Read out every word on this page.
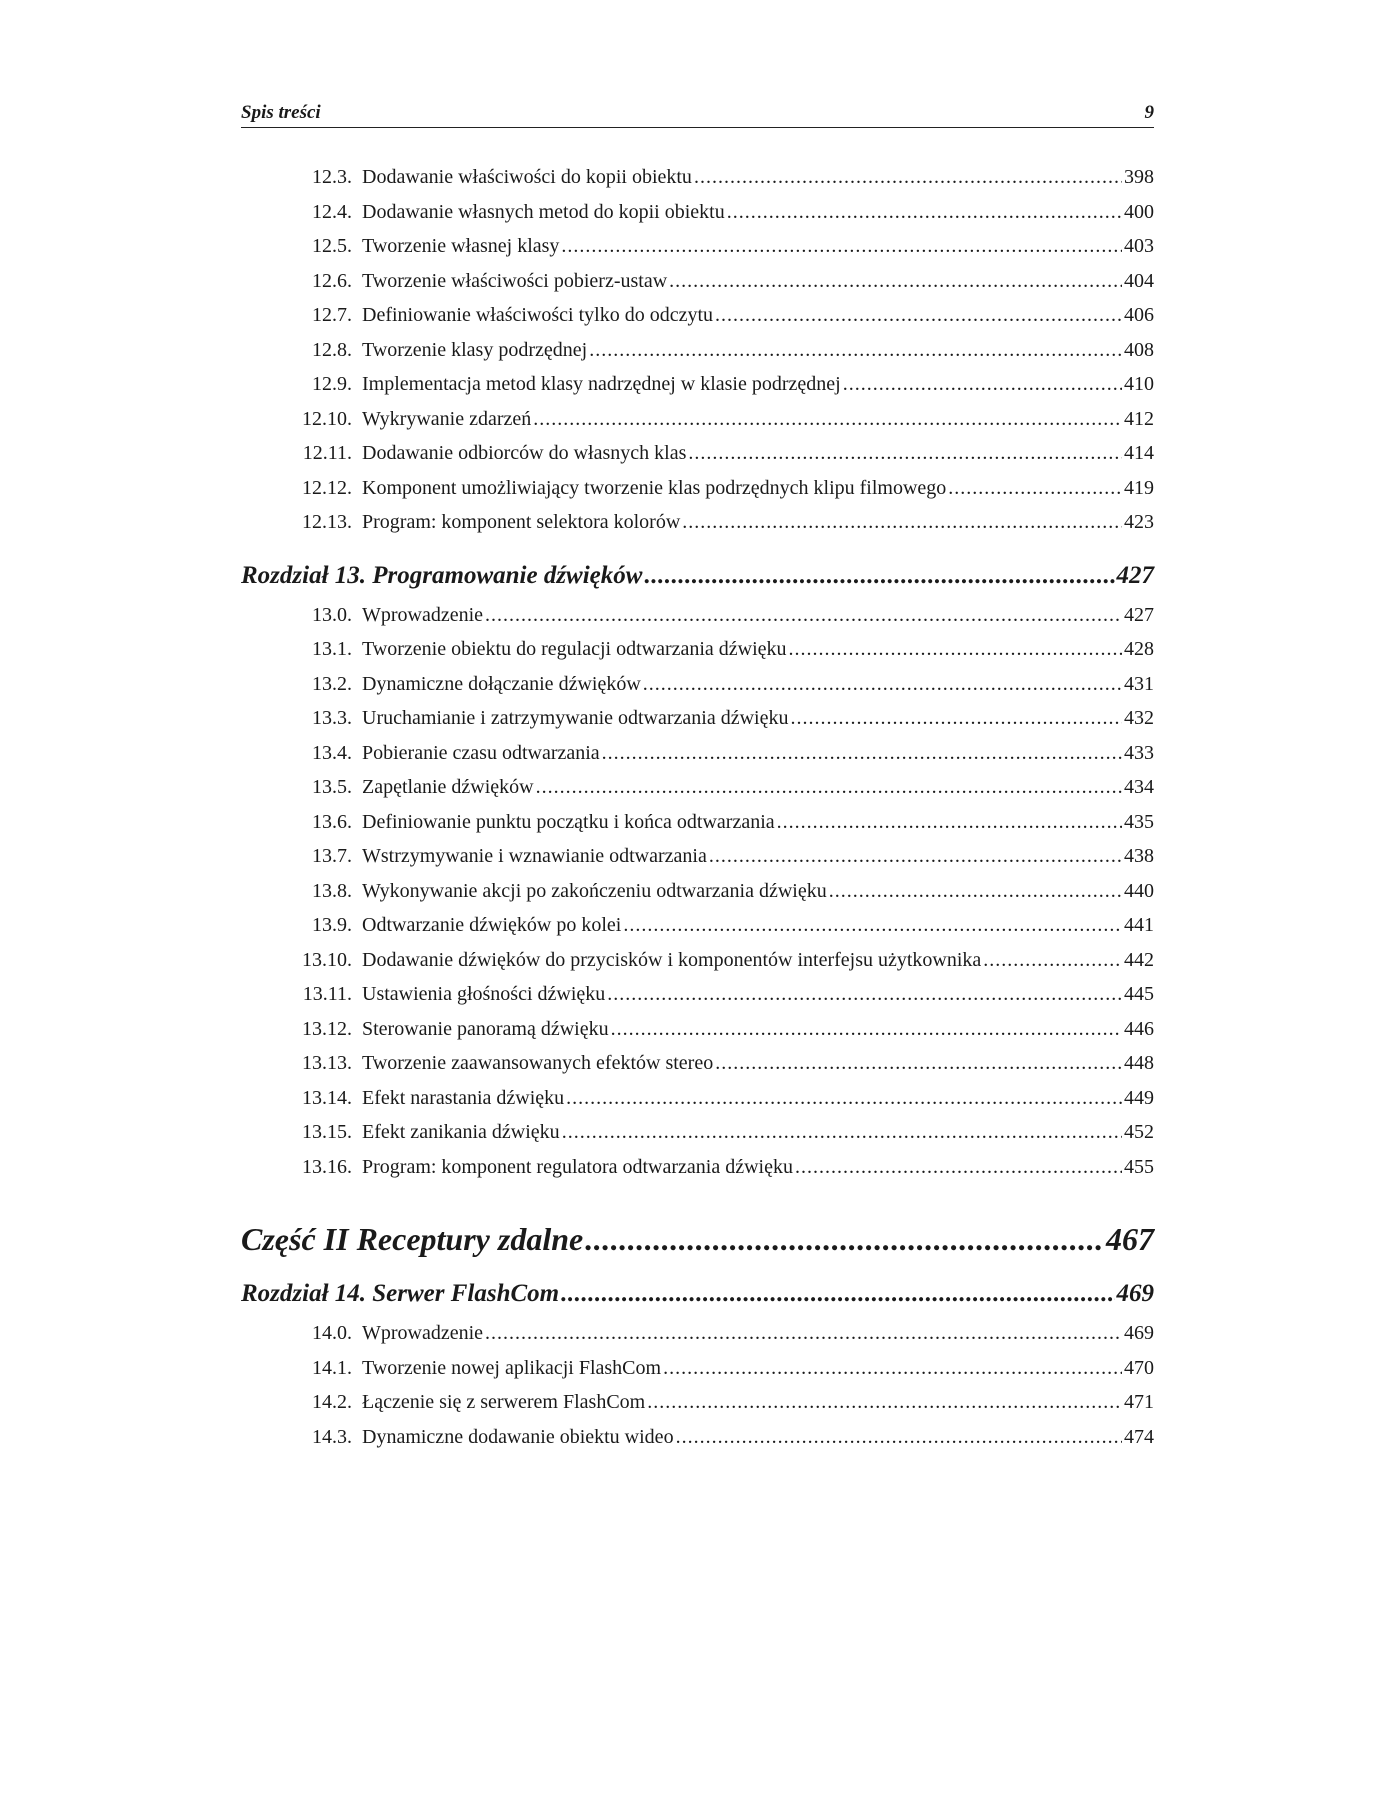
Spis treści	9
12.3. Dodawanie właściwości do kopii obiektu .....	398
12.4. Dodawanie własnych metod do kopii obiektu .....	400
12.5. Tworzenie własnej klasy .....	403
12.6. Tworzenie właściwości pobierz-ustaw .....	404
12.7. Definiowanie właściwości tylko do odczytu .....	406
12.8. Tworzenie klasy podrzędnej .....	408
12.9. Implementacja metod klasy nadrzędnej w klasie podrzędnej .....	410
12.10. Wykrywanie zdarzeń .....	412
12.11. Dodawanie odbiorców do własnych klas .....	414
12.12. Komponent umożliwiający tworzenie klas podrzędnych klipu filmowego .....	419
12.13. Program: komponent selektora kolorów .....	423
Rozdział 13. Programowanie dźwięków .....	427
13.0. Wprowadzenie .....	427
13.1. Tworzenie obiektu do regulacji odtwarzania dźwięku .....	428
13.2. Dynamiczne dołączanie dźwięków .....	431
13.3. Uruchamianie i zatrzymywanie odtwarzania dźwięku .....	432
13.4. Pobieranie czasu odtwarzania .....	433
13.5. Zapętlanie dźwięków .....	434
13.6. Definiowanie punktu początku i końca odtwarzania .....	435
13.7. Wstrzymywanie i wznawianie odtwarzania .....	438
13.8. Wykonywanie akcji po zakończeniu odtwarzania dźwięku .....	440
13.9. Odtwarzanie dźwięków po kolei .....	441
13.10. Dodawanie dźwięków do przycisków i komponentów interfejsu użytkownika .....	442
13.11. Ustawienia głośności dźwięku .....	445
13.12. Sterowanie panoramą dźwięku .....	446
13.13. Tworzenie zaawansowanych efektów stereo .....	448
13.14. Efekt narastania dźwięku .....	449
13.15. Efekt zanikania dźwięku .....	452
13.16. Program: komponent regulatora odtwarzania dźwięku .....	455
Część II Receptury zdalne .....	467
Rozdział 14. Serwer FlashCom .....	469
14.0. Wprowadzenie .....	469
14.1. Tworzenie nowej aplikacji FlashCom .....	470
14.2. Łączenie się z serwerem FlashCom .....	471
14.3. Dynamiczne dodawanie obiektu wideo .....	474
